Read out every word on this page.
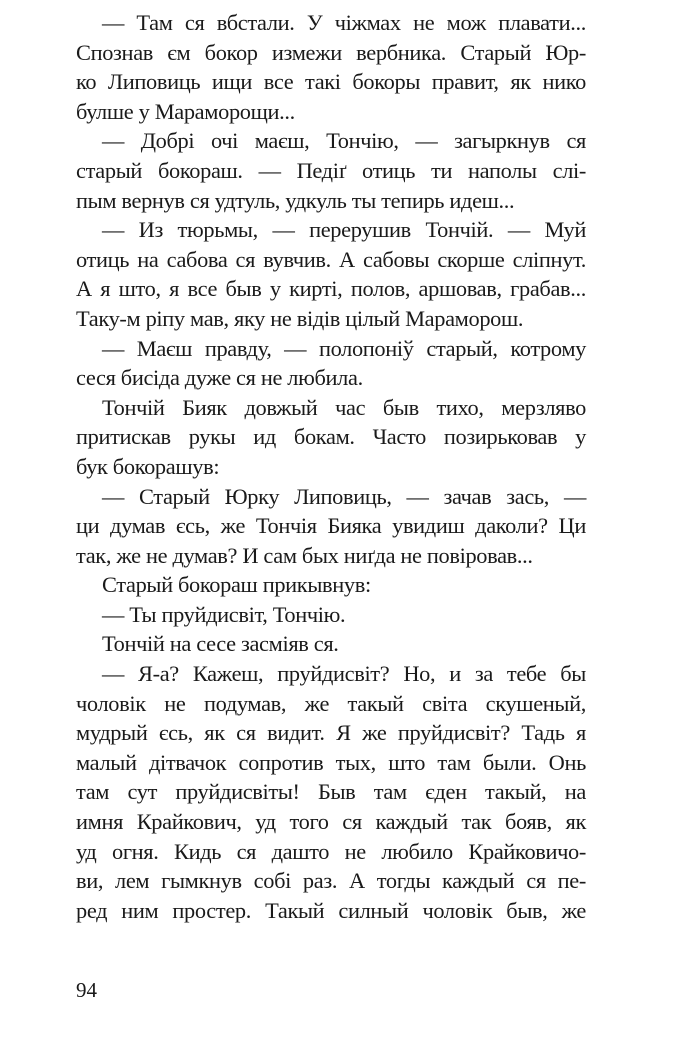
— Там ся вбстали. У чіжмах не мож плавати...
Спознав єм бокор измежи вербника. Старый Юр-
ко Липовиць ищи все такі бокоры правит, як нико
булше у Мараморощи...
— Добрі очі маєш, Тончію, — загыркнув ся
старый бокораш. — Педіґ отиць ти наполы слі-
пым вернув ся удтуль, удкуль ты тепирь идеш...
— Из тюрьмы, — перерушив Тончій. — Муй
отиць на сабова ся вувчив. А сабовы скорше сліпнут.
А я што, я все быв у кирті, полов, аршовав, грабав...
Таку-м ріпу мав, яку не відів цілый Мараморош.
— Маєш правду, — полопоніў старый, котрому
сеся бисіда дуже ся не любила.
Тончій Бияк довжый час быв тихо, мерзляво
притискав рукы ид бокам. Часто позирьковав у
бук бокорашув:
— Старый Юрку Липовиць, — зачав зась, —
ци думав єсь, же Тончія Бияка увидиш даколи? Ци
так, же не думав? И сам бых ниґда не повіровав...
Старый бокораш прикывнув:
— Ты пруйдисвіт, Тончію.
Тончій на сесе засміяв ся.
— Я-а? Кажеш, пруйдисвіт? Но, и за тебе бы
чоловік не подумав, же такый світа скушеный,
мудрый єсь, як ся видит. Я же пруйдисвіт? Тадь я
малый дітвачок сопротив тых, што там были. Онь
там сут пруйдисвіты! Быв там єден такый, на
имня Крайкович, уд того ся каждый так бояв, як
уд огня. Кидь ся дашто не любило Крайковичо-
ви, лем гымкнув собі раз. А тогды каждый ся пе-
ред ним простер. Такый силный чоловік быв, же
94
